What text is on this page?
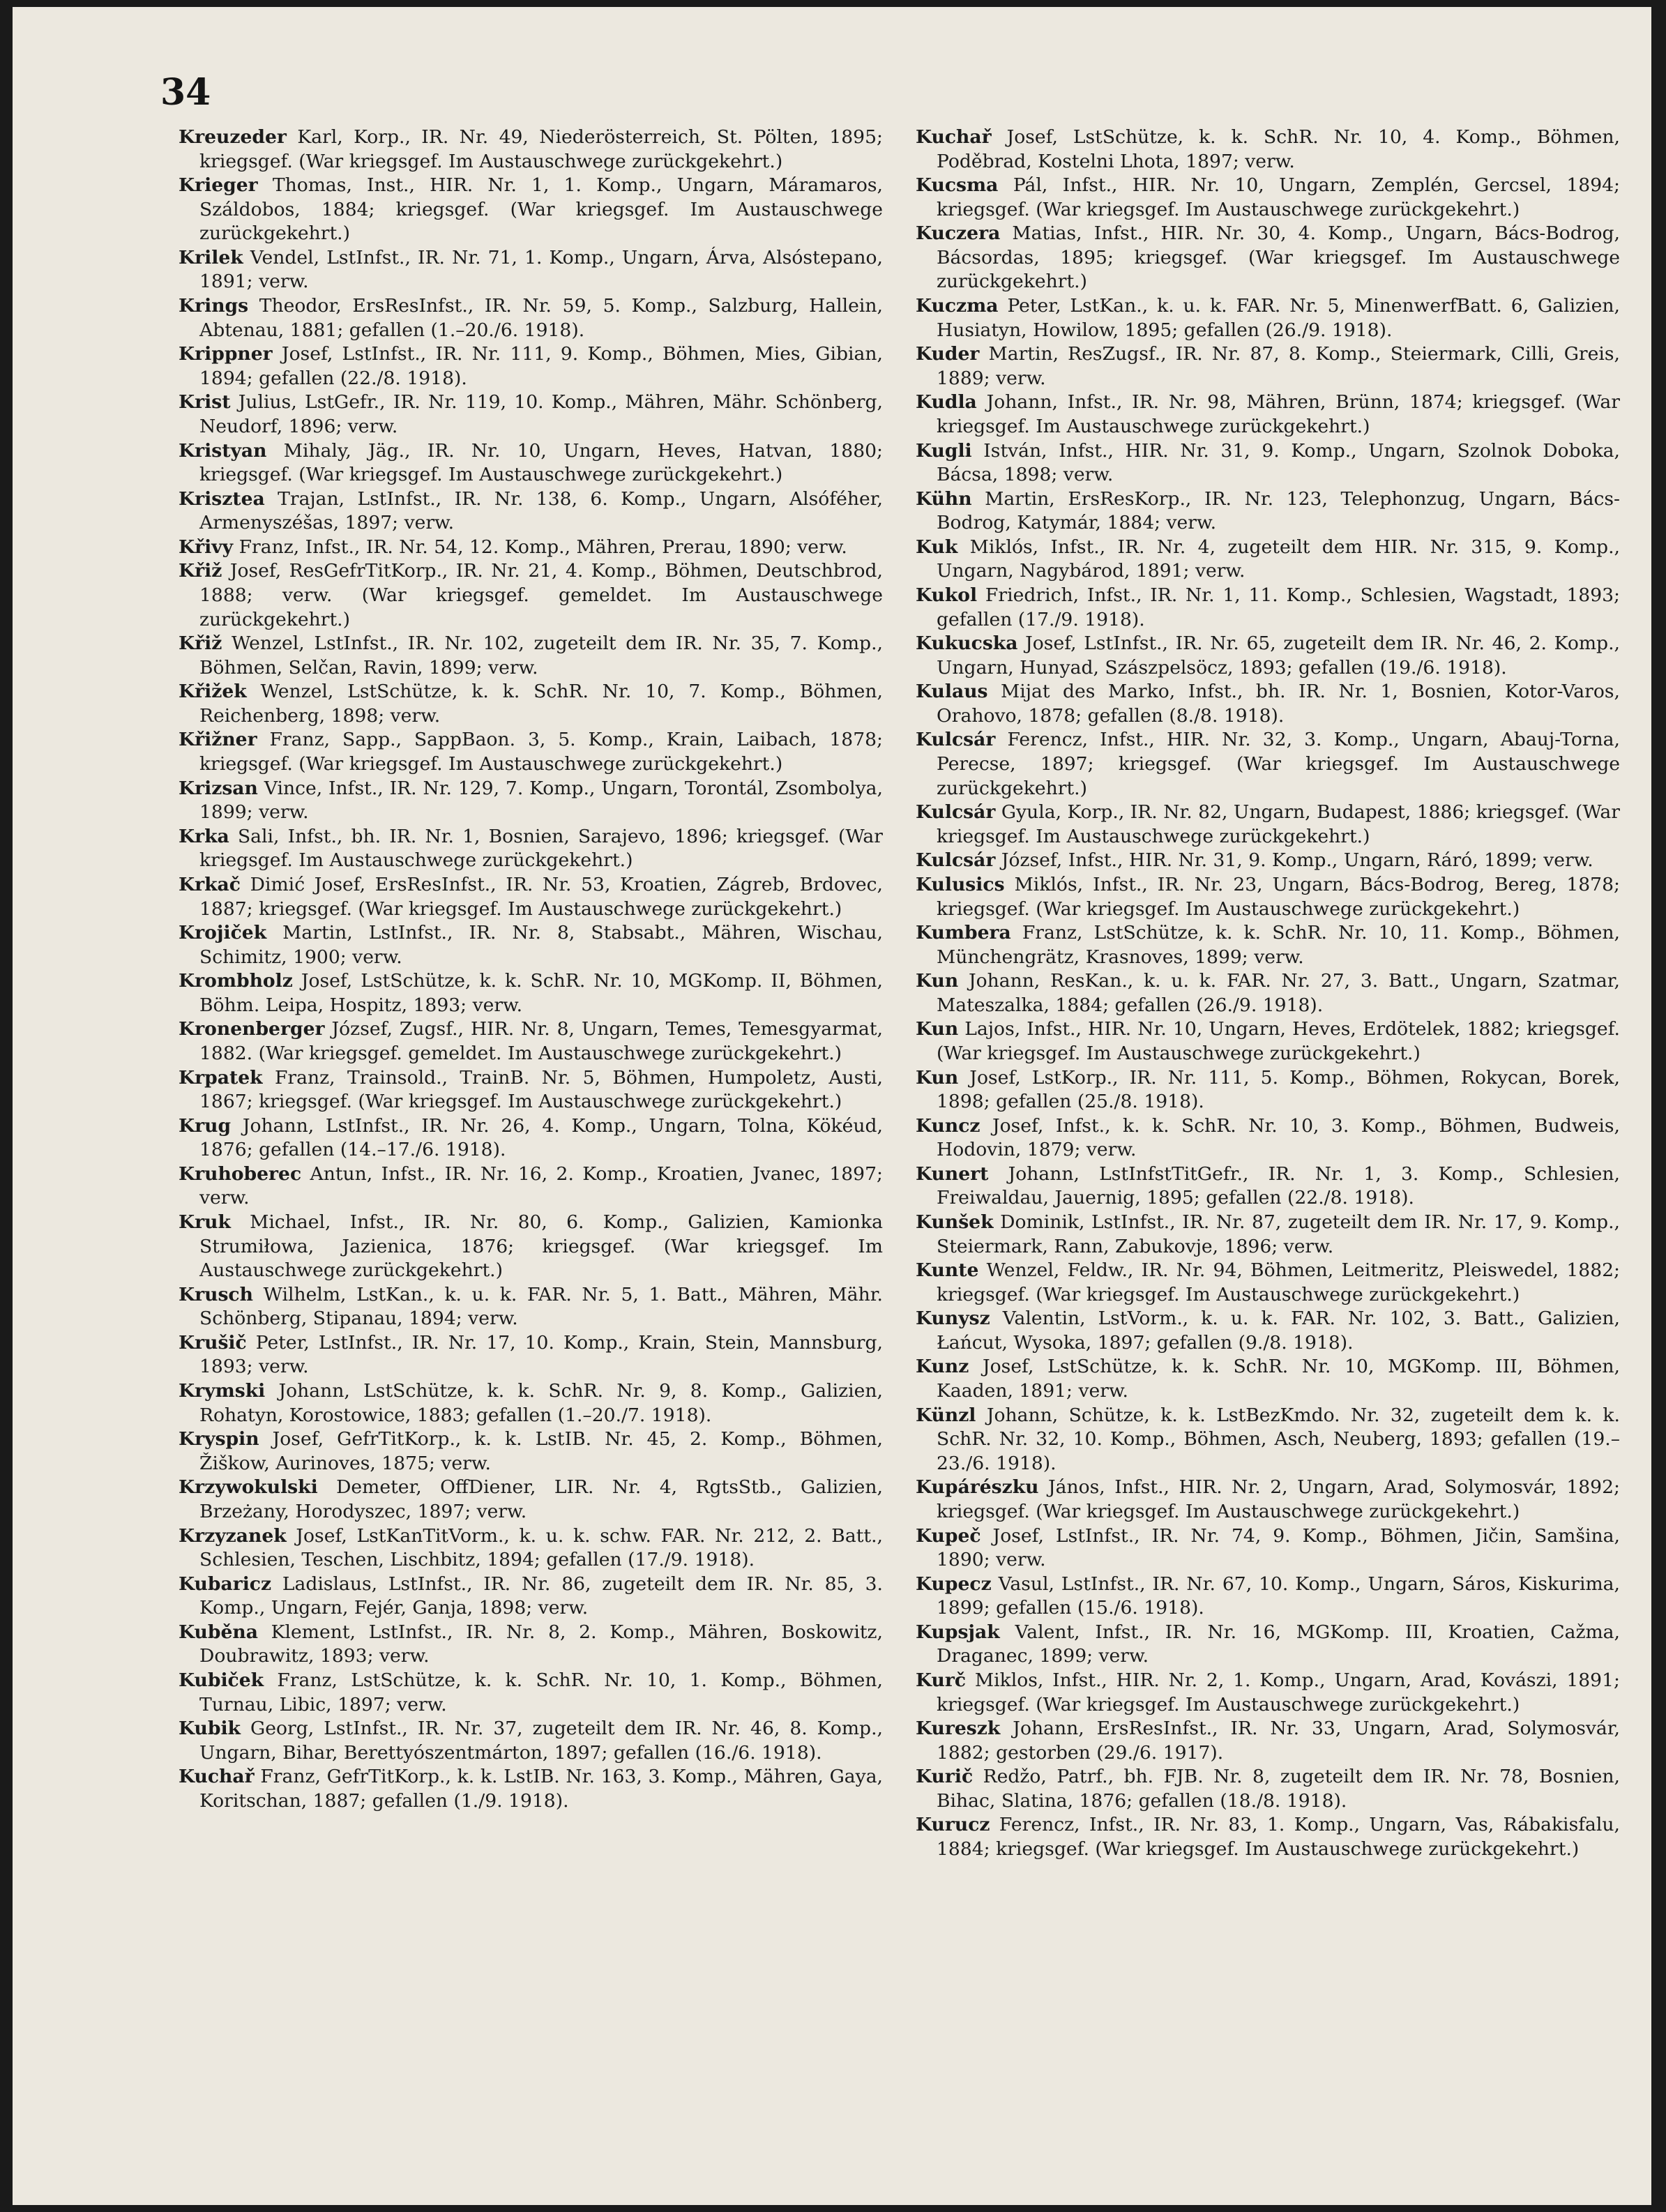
34

Kreuzeder Karl, Korp., IR. Nr. 49, Niederösterreich, St. Pölten, 1895; kriegsgef. (War kriegsgef. Im Austauschwege zurückgekehrt.)

Krieger Thomas, Inst., HIR. Nr. 1, 1. Komp., Ungarn, Máramaros, Száldobos, 1884; kriegsgef. (War kriegsgef. Im Austauschwege zurückgekehrt.)

Krilek Vendel, LstInfst., IR. Nr. 71, 1. Komp., Ungarn, Árva, Alsóstepano, 1891; verw.

Krings Theodor, ErsResInfst., IR. Nr. 59, 5. Komp., Salzburg, Hallein, Abtenau, 1881; gefallen (1.–20./6. 1918).

Krippner Josef, LstInfst., IR. Nr. 111, 9. Komp., Böhmen, Mies, Gibian, 1894; gefallen (22./8. 1918).

Krist Julius, LstGefr., IR. Nr. 119, 10. Komp., Mähren, Mähr. Schönberg, Neudorf, 1896; verw.

Kristyan Mihaly, Jäg., IR. Nr. 10, Ungarn, Heves, Hatvan, 1880; kriegsgef. (War kriegsgef. Im Austauschwege zurückgekehrt.)

Krisztea Trajan, LstInfst., IR. Nr. 138, 6. Komp., Ungarn, Alsóféher, Armenyszéšas, 1897; verw.

Křivy Franz, Infst., IR. Nr. 54, 12. Komp., Mähren, Prerau, 1890; verw.

Křiž Josef, ResGefrTitKorp., IR. Nr. 21, 4. Komp., Böhmen, Deutschbrod, 1888; verw. (War kriegsgef. gemeldet. Im Austauschwege zurückgekehrt.)

Křiž Wenzel, LstInfst., IR. Nr. 102, zugeteilt dem IR. Nr. 35, 7. Komp., Böhmen, Selčan, Ravin, 1899; verw.

Křižek Wenzel, LstSchütze, k. k. SchR. Nr. 10, 7. Komp., Böhmen, Reichenberg, 1898; verw.

Křižner Franz, Sapp., SappBaon. 3, 5. Komp., Krain, Laibach, 1878; kriegsgef. (War kriegsgef. Im Austauschwege zurückgekehrt.)

Krizsan Vince, Infst., IR. Nr. 129, 7. Komp., Ungarn, Torontál, Zsombolya, 1899; verw.

Krka Sali, Infst., bh. IR. Nr. 1, Bosnien, Sarajevo, 1896; kriegsgef. (War kriegsgef. Im Austauschwege zurückgekehrt.)

Krkač Dimić Josef, ErsResInfst., IR. Nr. 53, Kroatien, Zágreb, Brdovec, 1887; kriegsgef. (War kriegsgef. Im Austauschwege zurückgekehrt.)

Krojiček Martin, LstInfst., IR. Nr. 8, Stabsabt., Mähren, Wischau, Schimitz, 1900; verw.

Krombholz Josef, LstSchütze, k. k. SchR. Nr. 10, MGKomp. II, Böhmen, Böhm. Leipa, Hospitz, 1893; verw.

Kronenberger József, Zugsf., HIR. Nr. 8, Ungarn, Temes, Temesgyarmat, 1882. (War kriegsgef. gemeldet. Im Austauschwege zurückgekehrt.)

Krpatek Franz, Trainsold., TrainB. Nr. 5, Böhmen, Humpoletz, Austi, 1867; kriegsgef. (War kriegsgef. Im Austauschwege zurückgekehrt.)

Krug Johann, LstInfst., IR. Nr. 26, 4. Komp., Ungarn, Tolna, Kökéud, 1876; gefallen (14.–17./6. 1918).

Kruhoberec Antun, Infst., IR. Nr. 16, 2. Komp., Kroatien, Jvanec, 1897; verw.

Kruk Michael, Infst., IR. Nr. 80, 6. Komp., Galizien, Kamionka Strumiłowa, Jazienica, 1876; kriegsgef. (War kriegsgef. Im Austauschwege zurückgekehrt.)

Krusch Wilhelm, LstKan., k. u. k. FAR. Nr. 5, 1. Batt., Mähren, Mähr. Schönberg, Stipanau, 1894; verw.

Krušič Peter, LstInfst., IR. Nr. 17, 10. Komp., Krain, Stein, Mannsburg, 1893; verw.

Krymski Johann, LstSchütze, k. k. SchR. Nr. 9, 8. Komp., Galizien, Rohatyn, Korostowice, 1883; gefallen (1.–20./7. 1918).

Kryspin Josef, GefrTitKorp., k. k. LstIB. Nr. 45, 2. Komp., Böhmen, Žiškow, Aurinoves, 1875; verw.

Krzywokulski Demeter, OffDiener, LIR. Nr. 4, RgtsStb., Galizien, Brzeżany, Horodyszec, 1897; verw.

Krzyzanek Josef, LstKanTitVorm., k. u. k. schw. FAR. Nr. 212, 2. Batt., Schlesien, Teschen, Lischbitz, 1894; gefallen (17./9. 1918).

Kubaricz Ladislaus, LstInfst., IR. Nr. 86, zugeteilt dem IR. Nr. 85, 3. Komp., Ungarn, Fejér, Ganja, 1898; verw.

Kuběna Klement, LstInfst., IR. Nr. 8, 2. Komp., Mähren, Boskowitz, Doubrawitz, 1893; verw.

Kubiček Franz, LstSchütze, k. k. SchR. Nr. 10, 1. Komp., Böhmen, Turnau, Libic, 1897; verw.

Kubik Georg, LstInfst., IR. Nr. 37, zugeteilt dem IR. Nr. 46, 8. Komp., Ungarn, Bihar, Berettyószentmárton, 1897; gefallen (16./6. 1918).

Kuchař Franz, GefrTitKorp., k. k. LstIB. Nr. 163, 3. Komp., Mähren, Gaya, Koritschan, 1887; gefallen (1./9. 1918).

Kuchař Josef, LstSchütze, k. k. SchR. Nr. 10, 4. Komp., Böhmen, Poděbrad, Kostelni Lhota, 1897; verw.

Kucsma Pál, Infst., HIR. Nr. 10, Ungarn, Zemplén, Gercsel, 1894; kriegsgef. (War kriegsgef. Im Austauschwege zurückgekehrt.)

Kuczera Matias, Infst., HIR. Nr. 30, 4. Komp., Ungarn, Bács-Bodrog, Bácsordas, 1895; kriegsgef. (War kriegsgef. Im Austauschwege zurückgekehrt.)

Kuczma Peter, LstKan., k. u. k. FAR. Nr. 5, MinenwerfBatt. 6, Galizien, Husiatyn, Howilow, 1895; gefallen (26./9. 1918).

Kuder Martin, ResZugsf., IR. Nr. 87, 8. Komp., Steiermark, Cilli, Greis, 1889; verw.

Kudla Johann, Infst., IR. Nr. 98, Mähren, Brünn, 1874; kriegsgef. (War kriegsgef. Im Austauschwege zurückgekehrt.)

Kugli István, Infst., HIR. Nr. 31, 9. Komp., Ungarn, Szolnok Doboka, Bácsa, 1898; verw.

Kühn Martin, ErsResKorp., IR. Nr. 123, Telephonzug, Ungarn, Bács-Bodrog, Katymár, 1884; verw.

Kuk Miklós, Infst., IR. Nr. 4, zugeteilt dem HIR. Nr. 315, 9. Komp., Ungarn, Nagybárod, 1891; verw.

Kukol Friedrich, Infst., IR. Nr. 1, 11. Komp., Schlesien, Wagstadt, 1893; gefallen (17./9. 1918).

Kukucska Josef, LstInfst., IR. Nr. 65, zugeteilt dem IR. Nr. 46, 2. Komp., Ungarn, Hunyad, Szászpelsöcz, 1893; gefallen (19./6. 1918).

Kulaus Mijat des Marko, Infst., bh. IR. Nr. 1, Bosnien, Kotor-Varos, Orahovo, 1878; gefallen (8./8. 1918).

Kulcsár Ferencz, Infst., HIR. Nr. 32, 3. Komp., Ungarn, Abauj-Torna, Perecse, 1897; kriegsgef. (War kriegsgef. Im Austauschwege zurückgekehrt.)

Kulcsár Gyula, Korp., IR. Nr. 82, Ungarn, Budapest, 1886; kriegsgef. (War kriegsgef. Im Austauschwege zurückgekehrt.)

Kulcsár József, Infst., HIR. Nr. 31, 9. Komp., Ungarn, Ráró, 1899; verw.

Kulusics Miklós, Infst., IR. Nr. 23, Ungarn, Bács-Bodrog, Bereg, 1878; kriegsgef. (War kriegsgef. Im Austauschwege zurückgekehrt.)

Kumbera Franz, LstSchütze, k. k. SchR. Nr. 10, 11. Komp., Böhmen, Münchengrätz, Krasnoves, 1899; verw.

Kun Johann, ResKan., k. u. k. FAR. Nr. 27, 3. Batt., Ungarn, Szatmar, Mateszalka, 1884; gefallen (26./9. 1918).

Kun Lajos, Infst., HIR. Nr. 10, Ungarn, Heves, Erdötelek, 1882; kriegsgef. (War kriegsgef. Im Austauschwege zurückgekehrt.)

Kun Josef, LstKorp., IR. Nr. 111, 5. Komp., Böhmen, Rokycan, Borek, 1898; gefallen (25./8. 1918).

Kuncz Josef, Infst., k. k. SchR. Nr. 10, 3. Komp., Böhmen, Budweis, Hodovin, 1879; verw.

Kunert Johann, LstInfstTitGefr., IR. Nr. 1, 3. Komp., Schlesien, Freiwaldau, Jauernig, 1895; gefallen (22./8. 1918).

Kunšek Dominik, LstInfst., IR. Nr. 87, zugeteilt dem IR. Nr. 17, 9. Komp., Steiermark, Rann, Zabukovje, 1896; verw.

Kunte Wenzel, Feldw., IR. Nr. 94, Böhmen, Leitmeritz, Pleiswedel, 1882; kriegsgef. (War kriegsgef. Im Austauschwege zurückgekehrt.)

Kunysz Valentin, LstVorm., k. u. k. FAR. Nr. 102, 3. Batt., Galizien, Łańcut, Wysoka, 1897; gefallen (9./8. 1918).

Kunz Josef, LstSchütze, k. k. SchR. Nr. 10, MGKomp. III, Böhmen, Kaaden, 1891; verw.

Künzl Johann, Schütze, k. k. LstBezKmdo. Nr. 32, zugeteilt dem k. k. SchR. Nr. 32, 10. Komp., Böhmen, Asch, Neuberg, 1893; gefallen (19.–23./6. 1918).

Kupárészku János, Infst., HIR. Nr. 2, Ungarn, Arad, Solymosvár, 1892; kriegsgef. (War kriegsgef. Im Austauschwege zurückgekehrt.)

Kupeč Josef, LstInfst., IR. Nr. 74, 9. Komp., Böhmen, Jičin, Samšina, 1890; verw.

Kupecz Vasul, LstInfst., IR. Nr. 67, 10. Komp., Ungarn, Sáros, Kiskurima, 1899; gefallen (15./6. 1918).

Kupsjak Valent, Infst., IR. Nr. 16, MGKomp. III, Kroatien, Cažma, Draganec, 1899; verw.

Kurč Miklos, Infst., HIR. Nr. 2, 1. Komp., Ungarn, Arad, Kovászi, 1891; kriegsgef. (War kriegsgef. Im Austauschwege zurückgekehrt.)

Kureszk Johann, ErsResInfst., IR. Nr. 33, Ungarn, Arad, Solymosvár, 1882; gestorben (29./6. 1917).

Kurič Redžo, Patrf., bh. FJB. Nr. 8, zugeteilt dem IR. Nr. 78, Bosnien, Bihac, Slatina, 1876; gefallen (18./8. 1918).

Kurucz Ferencz, Infst., IR. Nr. 83, 1. Komp., Ungarn, Vas, Rábakisfalu, 1884; kriegsgef. (War kriegsgef. Im Austauschwege zurückgekehrt.)
